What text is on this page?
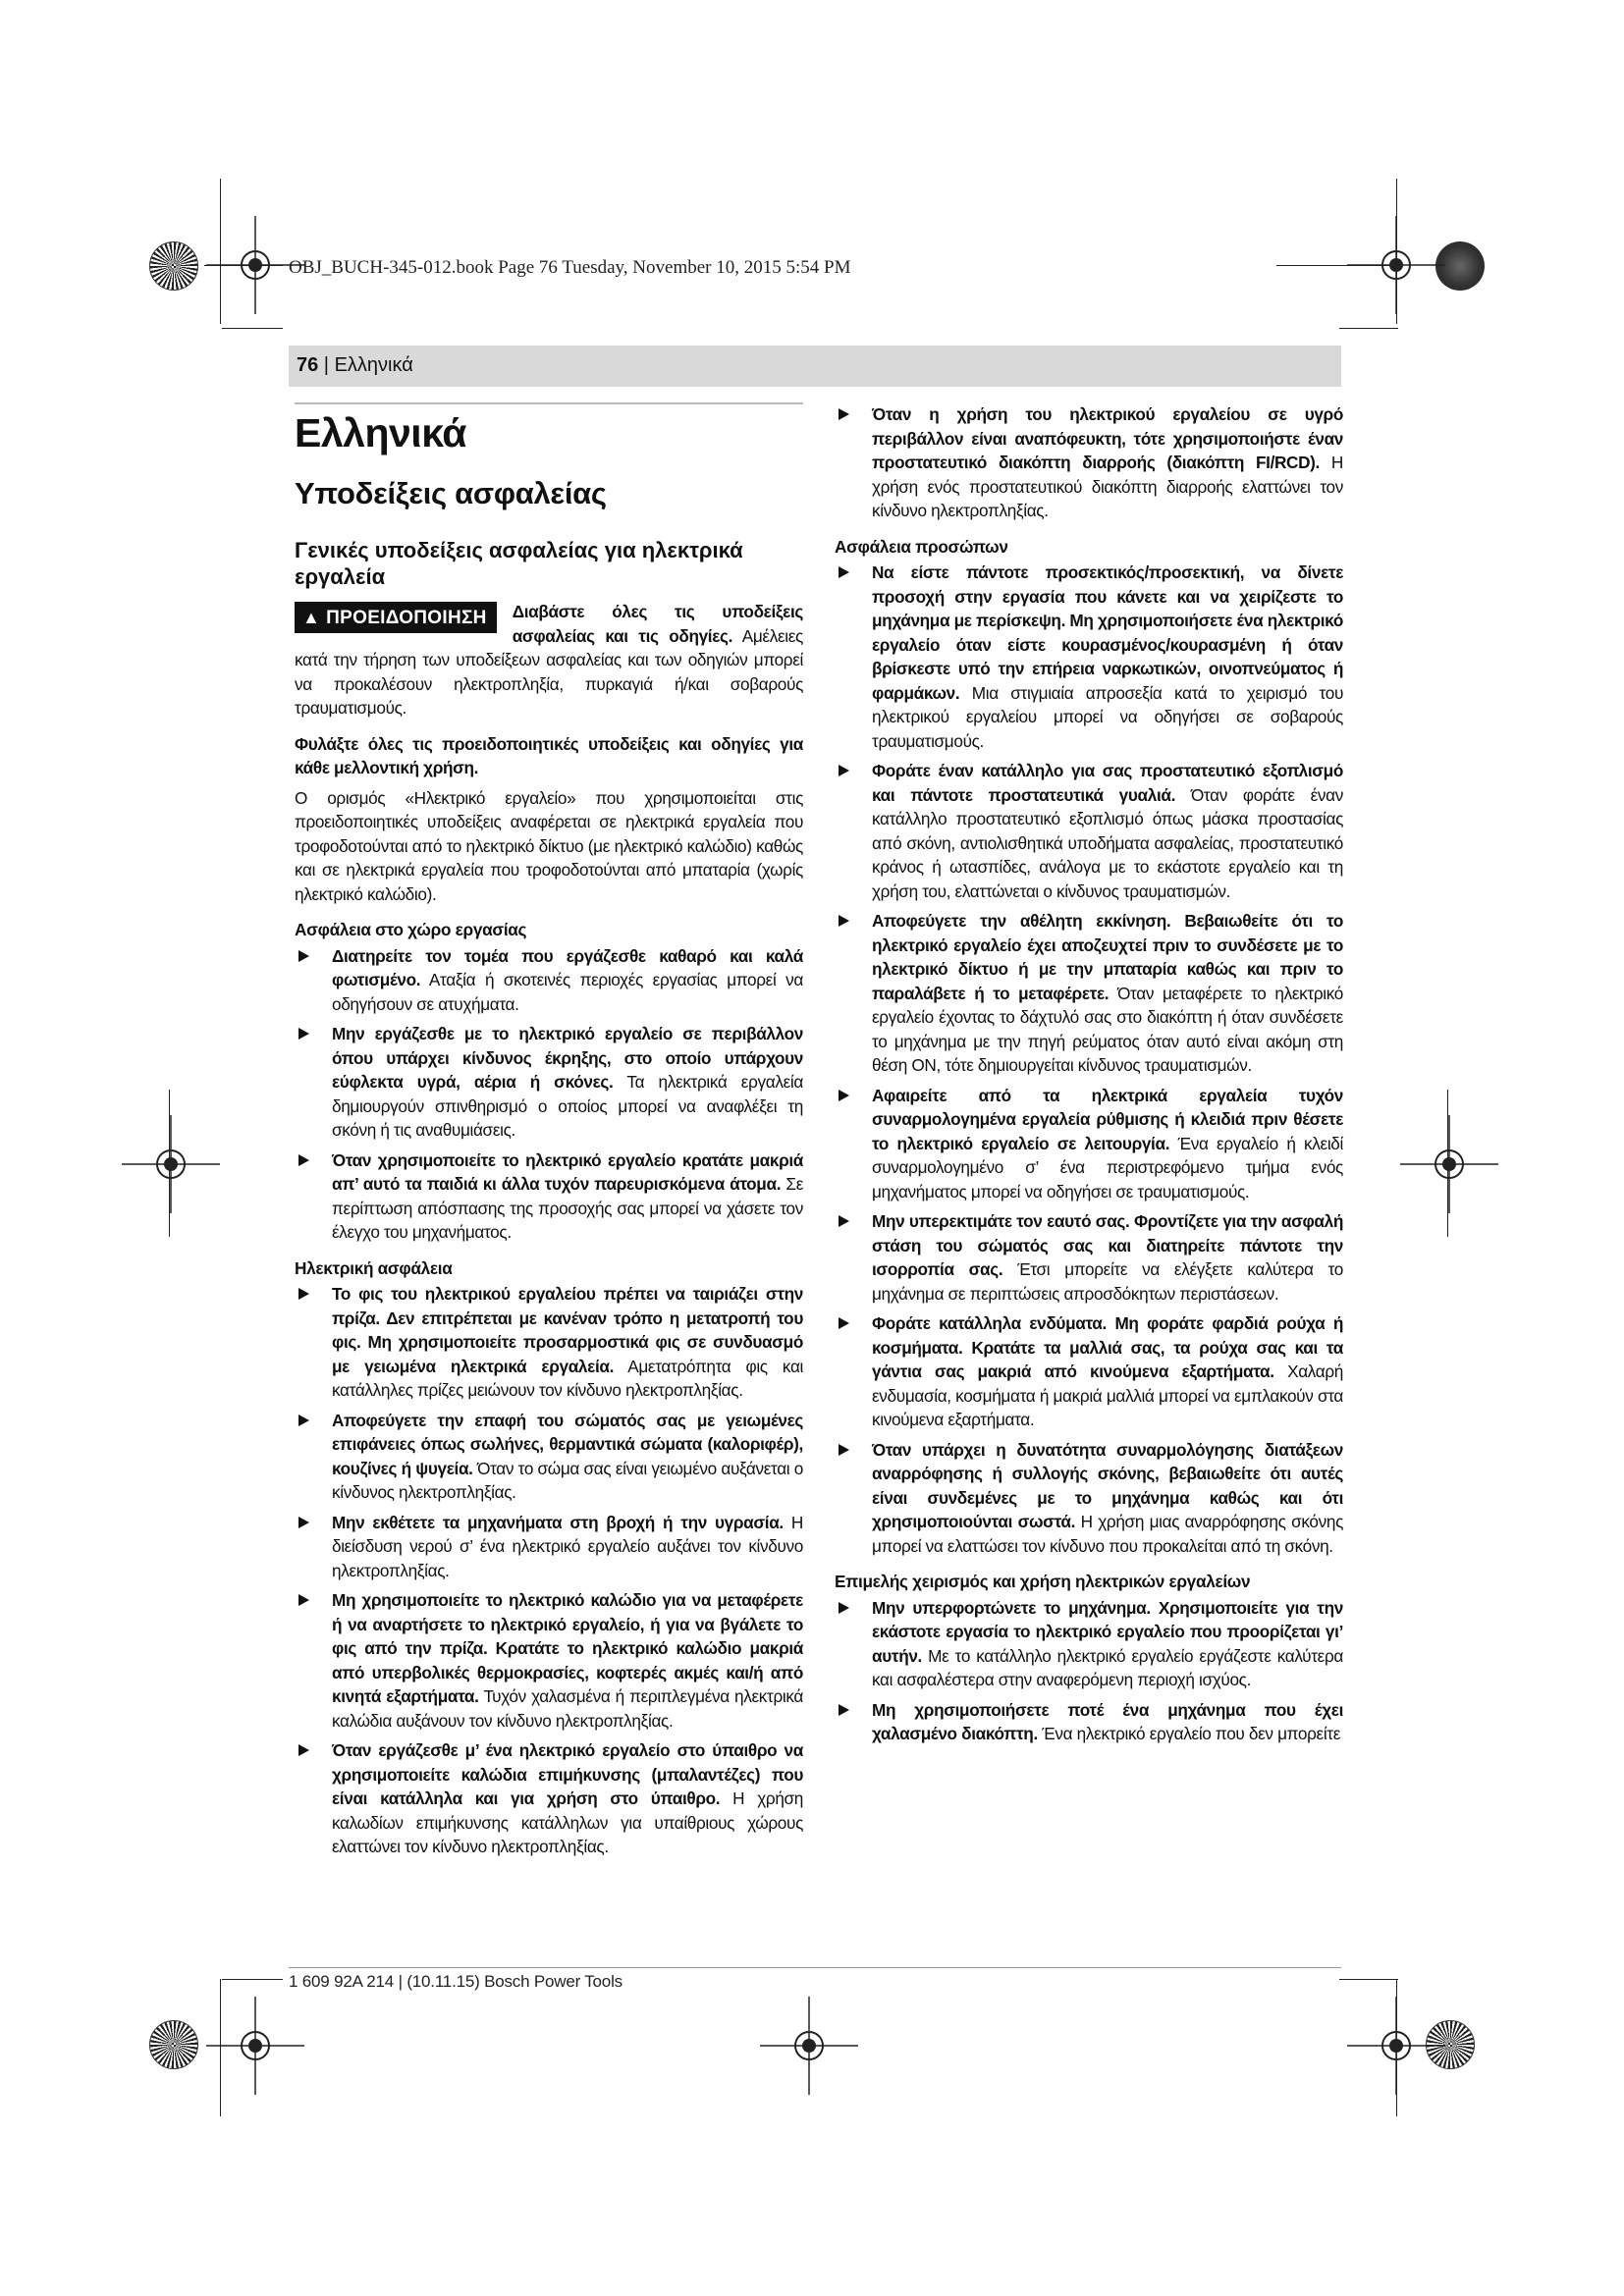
OBJ_BUCH-345-012.book Page 76 Tuesday, November 10, 2015 5:54 PM
76 | Ελληνικά
Ελληνικά
Υποδείξεις ασφαλείας
Γενικές υποδείξεις ασφαλείας για ηλεκτρικά εργαλεία

▲ ΠΡΟΕΙΔΟΠΟΙΗΣΗ	Διαβάστε όλες τις υποδείξεις ασφαλείας και τις οδηγίες. Αμέλειες κατά την τήρηση των υποδείξεων ασφαλείας και των οδηγιών μπορεί να προκαλέσουν ηλεκτροπληξία, πυρκαγιά ή/και σοβαρούς τραυματισμούς.

Φυλάξτε όλες τις προειδοποιητικές υποδείξεις και οδηγίες για κάθε μελλοντική χρήση.

Ο ορισμός «Ηλεκτρικό εργαλείο» που χρησιμοποιείται στις προειδοποιητικές υποδείξεις αναφέρεται σε ηλεκτρικά εργαλεία που τροφοδοτούνται από το ηλεκτρικό δίκτυο (με ηλεκτρικό καλώδιο) καθώς και σε ηλεκτρικά εργαλεία που τροφοδοτούνται από μπαταρία (χωρίς ηλεκτρικό καλώδιο).

Ασφάλεια στο χώρο εργασίας
Διατηρείτε τον τομέα που εργάζεσθε καθαρό και καλά φωτισμένο. Αταξία ή σκοτεινές περιοχές εργασίας μπορεί να οδηγήσουν σε ατυχήματα.
Μην εργάζεσθε με το ηλεκτρικό εργαλείο σε περιβάλλον όπου υπάρχει κίνδυνος έκρηξης, στο οποίο υπάρχουν εύφλεκτα υγρά, αέρια ή σκόνες. Τα ηλεκτρικά εργαλεία δημιουργούν σπινθηρισμό ο οποίος μπορεί να αναφλέξει τη σκόνη ή τις αναθυμιάσεις.
Όταν χρησιμοποιείτε το ηλεκτρικό εργαλείο κρατάτε μακριά απ’ αυτό τα παιδιά κι άλλα τυχόν παρευρισκόμενα άτομα. Σε περίπτωση απόσπασης της προσοχής σας μπορεί να χάσετε τον έλεγχο του μηχανήματος.
Ηλεκτρική ασφάλεια
Το φις του ηλεκτρικού εργαλείου πρέπει να ταιριάζει στην πρίζα. Δεν επιτρέπεται με κανέναν τρόπο η μετατροπή του φις. Μη χρησιμοποιείτε προσαρμοστικά φις σε συνδυασμό με γειωμένα ηλεκτρικά εργαλεία. Αμετατρόπητα φις και κατάλληλες πρίζες μειώνουν τον κίνδυνο ηλεκτροπληξίας.
Αποφεύγετε την επαφή του σώματός σας με γειωμένες επιφάνειες όπως σωλήνες, θερμαντικά σώματα (καλοριφέρ), κουζίνες ή ψυγεία. Όταν το σώμα σας είναι γειωμένο αυξάνεται ο κίνδυνος ηλεκτροπληξίας.
Μην εκθέτετε τα μηχανήματα στη βροχή ή την υγρασία. Η διείσδυση νερού σ’ ένα ηλεκτρικό εργαλείο αυξάνει τον κίνδυνο ηλεκτροπληξίας.
Μη χρησιμοποιείτε το ηλεκτρικό καλώδιο για να μεταφέρετε ή να αναρτήσετε το ηλεκτρικό εργαλείο, ή για να βγάλετε το φις από την πρίζα. Κρατάτε το ηλεκτρικό καλώδιο μακριά από υπερβολικές θερμοκρασίες, κοφτερές ακμές και/ή από κινητά εξαρτήματα. Τυχόν χαλασμένα ή περιπλεγμένα ηλεκτρικά καλώδια αυξάνουν τον κίνδυνο ηλεκτροπληξίας.
Όταν εργάζεσθε μ’ ένα ηλεκτρικό εργαλείο στο ύπαιθρο να χρησιμοποιείτε καλώδια επιμήκυνσης (μπαλαντέζες) που είναι κατάλληλα και για χρήση στο ύπαιθρο. Η χρήση καλωδίων επιμήκυνσης κατάλληλων για υπαίθριους χώρους ελαττώνει τον κίνδυνο ηλεκτροπληξίας.
Όταν η χρήση του ηλεκτρικού εργαλείου σε υγρό περιβάλλον είναι αναπόφευκτη, τότε χρησιμοποιήστε έναν προστατευτικό διακόπτη διαρροής (διακόπτη FI/RCD). Η χρήση ενός προστατευτικού διακόπτη διαρροής ελαττώνει τον κίνδυνο ηλεκτροπληξίας.
Ασφάλεια προσώπων
Να είστε πάντοτε προσεκτικός/προσεκτική, να δίνετε προσοχή στην εργασία που κάνετε και να χειρίζεστε το μηχάνημα με περίσκεψη. Μη χρησιμοποιήσετε ένα ηλεκτρικό εργαλείο όταν είστε κουρασμένος/κουρασμένη ή όταν βρίσκεστε υπό την επήρεια ναρκωτικών, οινοπνεύματος ή φαρμάκων. Μια στιγμιαία απροσεξία κατά το χειρισμό του ηλεκτρικού εργαλείου μπορεί να οδηγήσει σε σοβαρούς τραυματισμούς.
Φοράτε έναν κατάλληλο για σας προστατευτικό εξοπλισμό και πάντοτε προστατευτικά γυαλιά. Όταν φοράτε έναν κατάλληλο προστατευτικό εξοπλισμό όπως μάσκα προστασίας από σκόνη, αντιολισθητικά υποδήματα ασφαλείας, προστατευτικό κράνος ή ωτασπίδες, ανάλογα με το εκάστοτε εργαλείο και τη χρήση του, ελαττώνεται ο κίνδυνος τραυματισμών.
Αποφεύγετε την αθέλητη εκκίνηση. Βεβαιωθείτε ότι το ηλεκτρικό εργαλείο έχει αποζευχτεί πριν το συνδέσετε με το ηλεκτρικό δίκτυο ή με την μπαταρία καθώς και πριν το παραλάβετε ή το μεταφέρετε. Όταν μεταφέρετε το ηλεκτρικό εργαλείο έχοντας το δάχτυλό σας στο διακόπτη ή όταν συνδέσετε το μηχάνημα με την πηγή ρεύματος όταν αυτό είναι ακόμη στη θέση ON, τότε δημιουργείται κίνδυνος τραυματισμών.
Αφαιρείτε από τα ηλεκτρικά εργαλεία τυχόν συναρμολογημένα εργαλεία ρύθμισης ή κλειδιά πριν θέσετε το ηλεκτρικό εργαλείο σε λειτουργία. Ένα εργαλείο ή κλειδί συναρμολογημένο σ’ ένα περιστρεφόμενο τμήμα ενός μηχανήματος μπορεί να οδηγήσει σε τραυματισμούς.
Μην υπερεκτιμάτε τον εαυτό σας. Φροντίζετε για την ασφαλή στάση του σώματός σας και διατηρείτε πάντοτε την ισορροπία σας. Έτσι μπορείτε να ελέγξετε καλύτερα το μηχάνημα σε περιπτώσεις απροσδόκητων περιστάσεων.
Φοράτε κατάλληλα ενδύματα. Μη φοράτε φαρδιά ρούχα ή κοσμήματα. Κρατάτε τα μαλλιά σας, τα ρούχα σας και τα γάντια σας μακριά από κινούμενα εξαρτήματα. Χαλαρή ενδυμασία, κοσμήματα ή μακριά μαλλιά μπορεί να εμπλακούν στα κινούμενα εξαρτήματα.
Όταν υπάρχει η δυνατότητα συναρμολόγησης διατάξεων αναρρόφησης ή συλλογής σκόνης, βεβαιωθείτε ότι αυτές είναι συνδεμένες με το μηχάνημα καθώς και ότι χρησιμοποιούνται σωστά. Η χρήση μιας αναρρόφησης σκόνης μπορεί να ελαττώσει τον κίνδυνο που προκαλείται από τη σκόνη.
Επιμελής χειρισμός και χρήση ηλεκτρικών εργαλείων
Μην υπερφορτώνετε το μηχάνημα. Χρησιμοποιείτε για την εκάστοτε εργασία το ηλεκτρικό εργαλείο που προορίζεται γι’ αυτήν. Με το κατάλληλο ηλεκτρικό εργαλείο εργάζεστε καλύτερα και ασφαλέστερα στην αναφερόμενη περιοχή ισχύος.
Μη χρησιμοποιήσετε ποτέ ένα μηχάνημα που έχει χαλασμένο διακόπτη. Ένα ηλεκτρικό εργαλείο που δεν μπορείτε
1 609 92A 214 | (10.11.15) Bosch Power Tools
